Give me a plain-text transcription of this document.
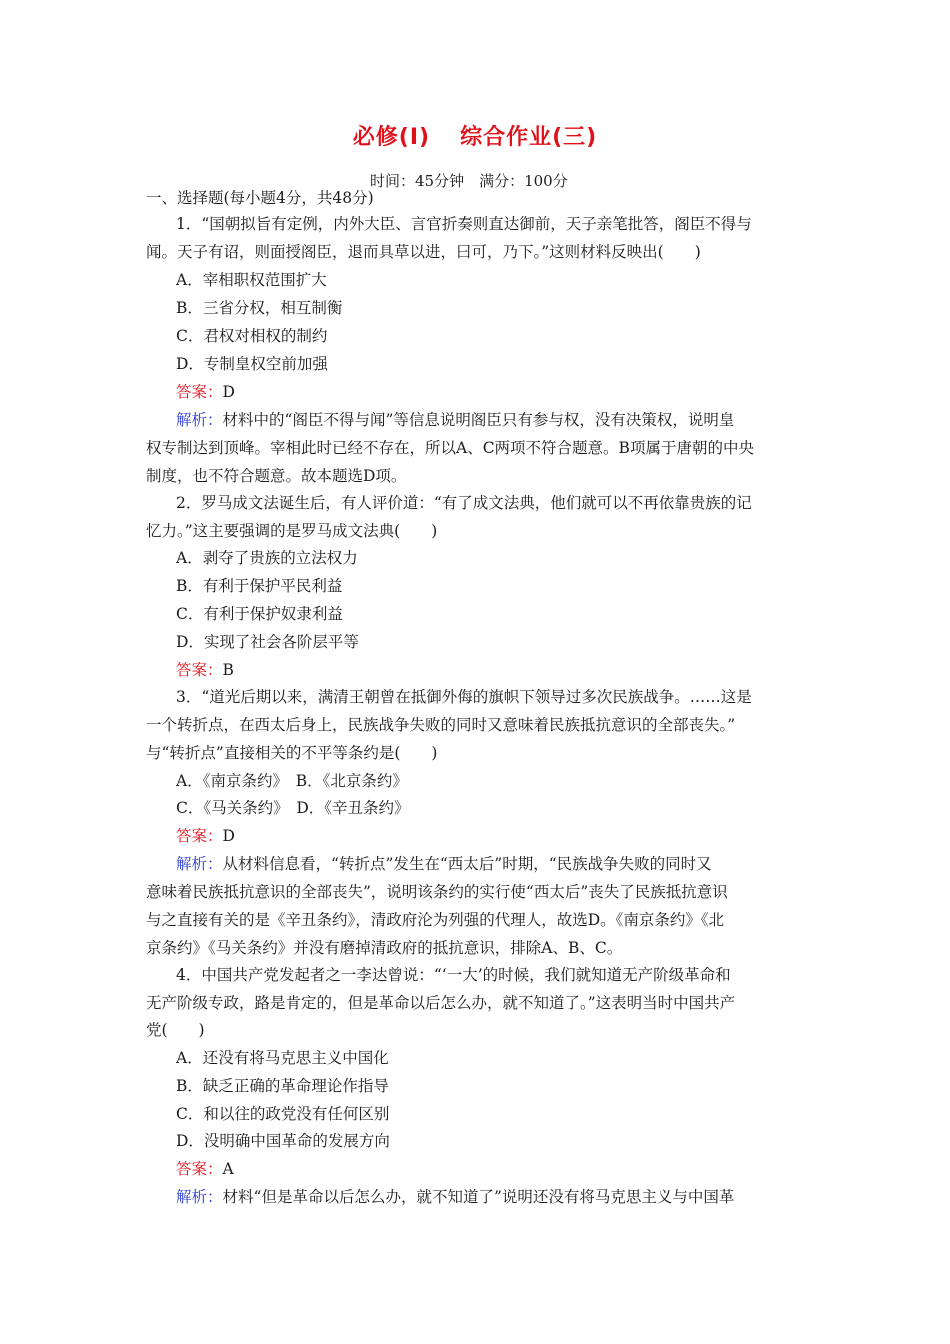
必修(Ⅰ) 综合作业(三)
时间：45分钟　满分：100分
一、选择题(每小题4分，共48分)
1．“国朝拟旨有定例，内外大臣、言官折奏则直达御前，天子亲笔批答，阁臣不得与
闻。天子有诏，则面授阁臣，退而具草以进，曰可，乃下。”这则材料反映出(　　)
A．宰相职权范围扩大
B．三省分权，相互制衡
C．君权对相权的制约
D．专制皇权空前加强
答案：D
解析：材料中的“阁臣不得与闻”等信息说明阁臣只有参与权，没有决策权，说明皇
权专制达到顶峰。宰相此时已经不存在，所以A、C两项不符合题意。B项属于唐朝的中央
制度，也不符合题意。故本题选D项。
2．罗马成文法诞生后，有人评价道：“有了成文法典，他们就可以不再依靠贵族的记
忆力。”这主要强调的是罗马成文法典(　　)
A．剥夺了贵族的立法权力
B．有利于保护平民利益
C．有利于保护奴隶利益
D．实现了社会各阶层平等
答案：B
3．“道光后期以来，满清王朝曾在抵御外侮的旗帜下领导过多次民族战争。……这是
一个转折点，在西太后身上，民族战争失败的同时又意味着民族抵抗意识的全部丧失。”
与“转折点”直接相关的不平等条约是(　　)
A．《南京条约》　B．《北京条约》
C．《马关条约》　D．《辛丑条约》
答案：D
解析：从材料信息看，“转折点”发生在“西太后”时期，“民族战争失败的同时又
意味着民族抵抗意识的全部丧失”，说明该条约的实行使“西太后”丧失了民族抵抗意识
与之直接有关的是《辛丑条约》，清政府沦为列强的代理人，故选D。《南京条约》《北
京条约》《马关条约》并没有磨掉清政府的抵抗意识，排除A、B、C。
4．中国共产党发起者之一李达曾说：“‘一大’的时候，我们就知道无产阶级革命和
无产阶级专政，路是肯定的，但是革命以后怎么办，就不知道了。”这表明当时中国共产
党(　　)
A．还没有将马克思主义中国化
B．缺乏正确的革命理论作指导
C．和以往的政党没有任何区别
D．没明确中国革命的发展方向
答案：A
解析：材料“但是革命以后怎么办，就不知道了”说明还没有将马克思主义与中国革
